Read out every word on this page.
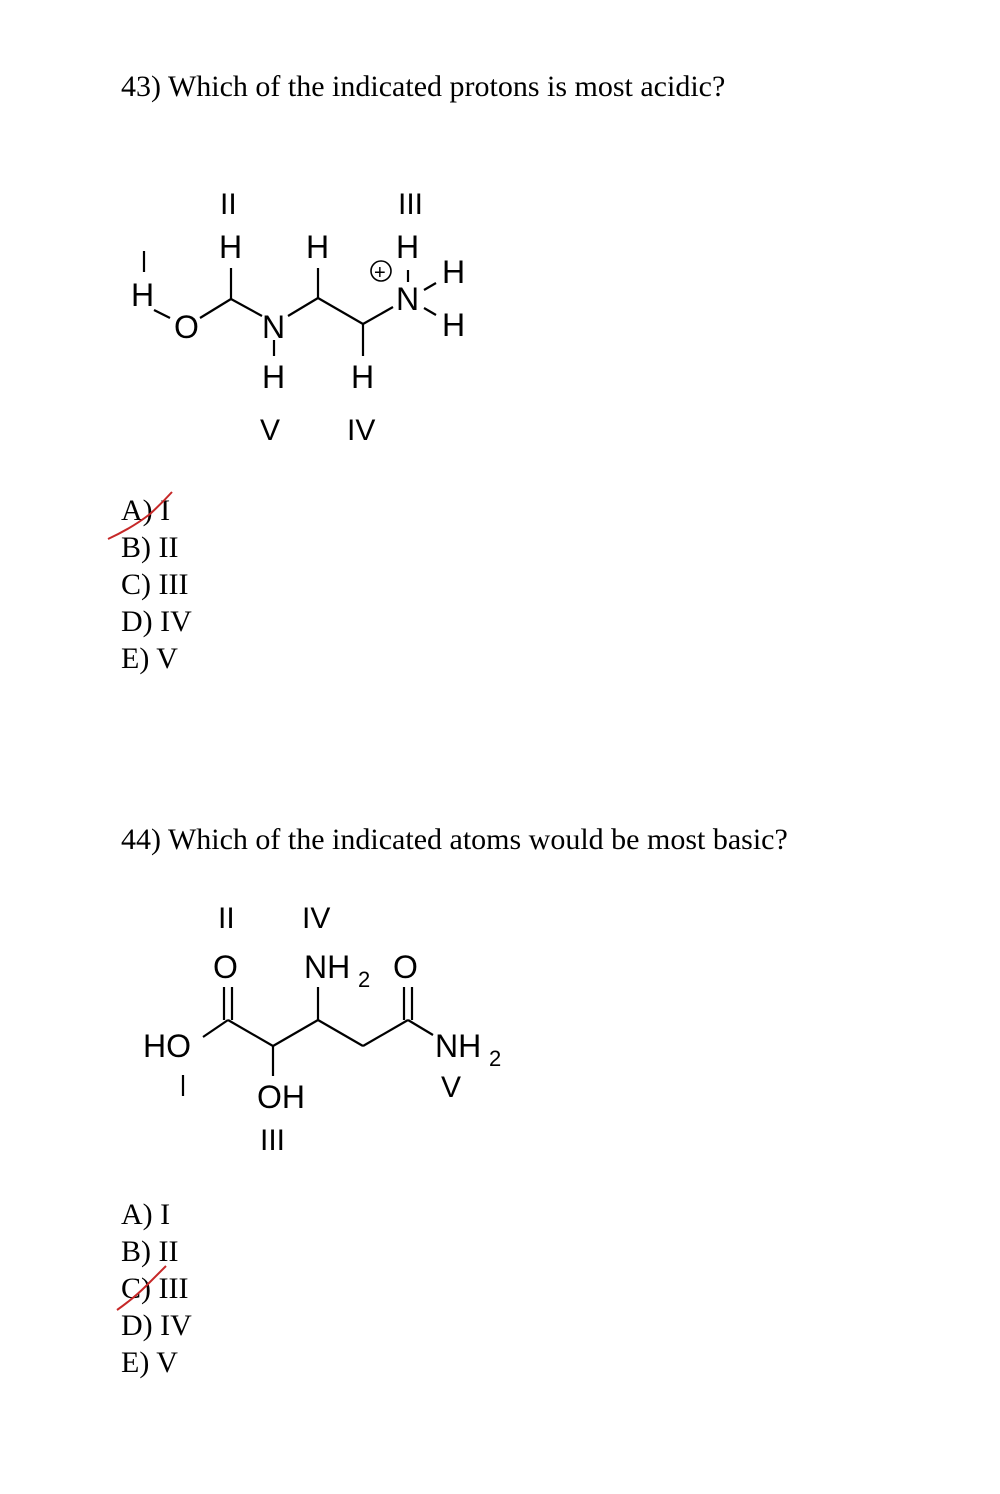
43) Which of the indicated protons is most acidic?
H
O
H
N
H
H
H
H
N
H
H
+
II	III
IV
V
A) I
B) II
C) III
D) IV
E) V
44) Which of the indicated atoms would be most basic?
O	O
HO
OH
NH 2
NH 2
II IV
III
V
A) I
B) II
C) III
D) IV
E) V
